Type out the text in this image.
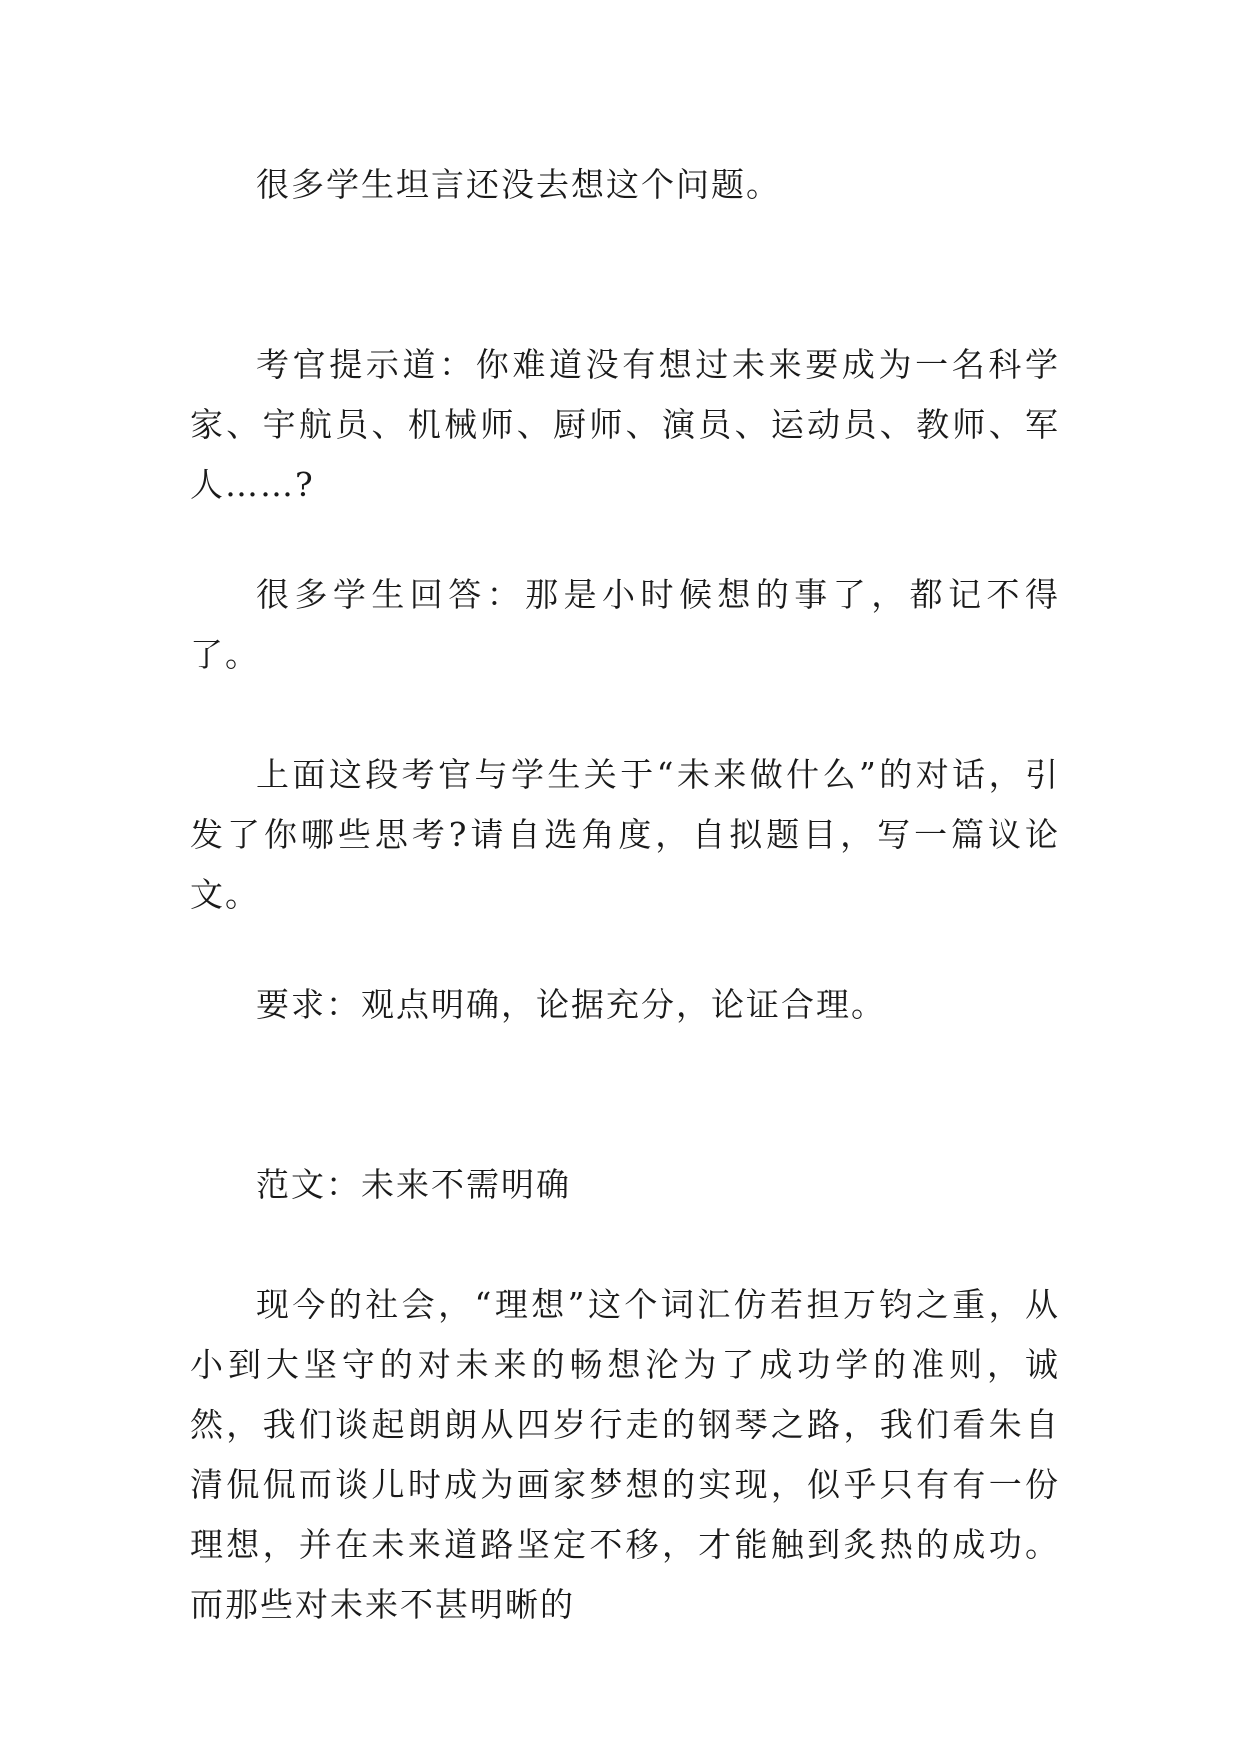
很多学生坦言还没去想这个问题。

考官提示道：你难道没有想过未来要成为一名科学家、宇航员、机械师、厨师、演员、运动员、教师、军人……?

很多学生回答：那是小时候想的事了，都记不得了。

上面这段考官与学生关于“未来做什么”的对话，引发了你哪些思考?请自选角度，自拟题目，写一篇议论文。

要求：观点明确，论据充分，论证合理。

范文：未来不需明确

现今的社会，“理想”这个词汇仿若担万钧之重，从小到大坚守的对未来的畅想沦为了成功学的准则，诚然，我们谈起朗朗从四岁行走的钢琴之路，我们看朱自清侃侃而谈儿时成为画家梦想的实现，似乎只有有一份理想，并在未来道路坚定不移，才能触到炙热的成功。而那些对未来不甚明晰的
